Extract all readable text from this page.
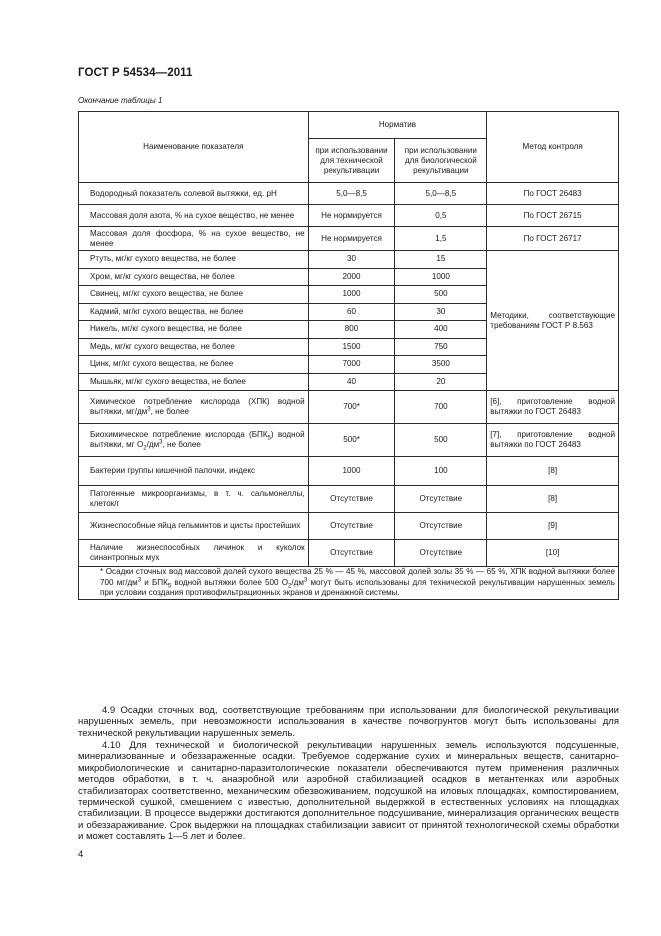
ГОСТ Р 54534—2011
Окончание таблицы 1
Наименование показателя	Норматив		Метод контроля
	при использовании для технической рекультивации	при использовании для биологической рекультивации	

Водородный показатель солевой вытяжки, ед. pH	5,0—8,5	5,0—8,5	По ГОСТ 26483

Массовая доля азота, % на сухое вещество, не менее	Не нормируется	0,5	По ГОСТ 26715

Массовая доля фосфора, % на сухое вещество, не менее	Не нормируется	1,5	По ГОСТ 26717

Ртуть, мг/кг сухого вещества, не более	30	15	Методики, соответствующие требованиям ГОСТ Р 8.563

Хром, мг/кг сухого вещества, не более	2000	1000	

Свинец, мг/кг сухого вещества, не более	1000	500	

Кадмий, мг/кг сухого вещества, не более	60	30	

Никель, мг/кг сухого вещества, не более	800	400	

Медь, мг/кг сухого вещества, не более	1500	750	

Цинк, мг/кг сухого вещества, не более	7000	3500	

Мышьяк, мг/кг сухого вещества, не более	40	20	

Химическое потребление кислорода (ХПК) водной вытяжки, $мг/дм^3$, не более	700*	700	[6], приготовление водной вытяжки по ГОСТ 26483

Биохимическое потребление кислорода $(БПК_5)$ водной вытяжки, мг $O_2/дм^3$, не более	500*	500	[7], приготовление водной вытяжки по ГОСТ 26483

Бактерии группы кишечной палочки, индекс	1000	100	[8]

Патогенные микроорганизмы, в т. ч. сальмонеллы, клеток/г	Отсутствие	Отсутствие	[8]

Жизнеспособные яйца гельминтов и цисты простейших	Отсутствие	Отсутствие	[9]

Наличие жизнеспособных личинок и куколок синантропных мух	Отсутствие	Отсутствие	[10]

* Осадки сточных вод массовой долей сухого вещества 25 % — 45 %, массовой долей золы 35 % — 65 %, ХПК водной вытяжки более 700 $мг/дм^3$ и $БПК_5$ водной вытяжки более 500 $O_2/дм^3$ могут быть использованы для технической рекультивации нарушенных земель при условии создания противофильтрационных экранов и дренажной системы.			

4.9 Осадки сточных вод, соответствующие требованиям при использовании для биологической рекультивации нарушенных земель, при невозможности использования в качестве почвогрунтов могут быть использованы для технической рекультивации нарушенных земель.

4.10 Для технической и биологической рекультивации нарушенных земель используются подсушенные, минерализованные и обеззараженные осадки. Требуемое содержание сухих и минеральных веществ, санитарно-микробиологические и санитарно-паразитологические показатели обеспечиваются путем применения различных методов обработки, в т. ч. анаэробной или аэробной стабилизацией осадков в метантенках или аэробных стабилизаторах соответственно, механическим обезвоживанием, подсушкой на иловых площадках, компостированием, термической сушкой, смешением с известью, дополнительной выдержкой в естественных условиях на площадках стабилизации. В процессе выдержки достигаются дополнительное подсушивание, минерализация органических веществ и обеззараживание. Срок выдержки на площадках стабилизации зависит от принятой технологической схемы обработки и может составлять 1—5 лет и более.

4
